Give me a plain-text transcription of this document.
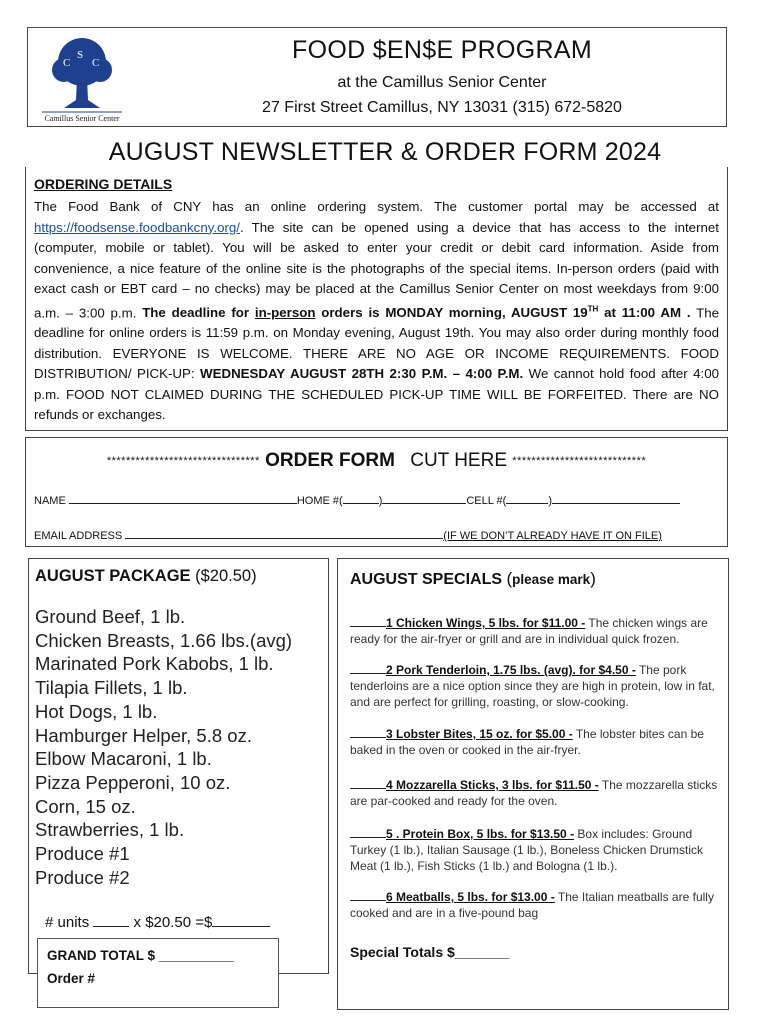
C
S
C
Camillus Senior Center
FOOD $EN$E PROGRAM
at the Camillus Senior Center
27 First Street Camillus, NY 13031 (315) 672-5820
AUGUST NEWSLETTER & ORDER FORM 2024
ORDERING DETAILS
The Food Bank of CNY has an online ordering system. The customer portal may be accessed at https://foodsense.foodbankcny.org/. The site can be opened using a device that has access to the internet (computer, mobile or tablet). You will be asked to enter your credit or debit card information. Aside from convenience, a nice feature of the online site is the photographs of the special items. In-person orders (paid with exact cash or EBT card – no checks) may be placed at the Camillus Senior Center on most weekdays from 9:00 a.m. – 3:00 p.m. The deadline for in-person orders is MONDAY morning, AUGUST 19TH at 11:00 AM . The deadline for online orders is 11:59 p.m. on Monday evening, August 19th. You may also order during monthly food distribution. EVERYONE IS WELCOME. THERE ARE NO AGE OR INCOME REQUIREMENTS. FOOD DISTRIBUTION/ PICK-UP: WEDNESDAY AUGUST 28TH 2:30 P.M. – 4:00 P.M. We cannot hold food after 4:00 p.m. FOOD NOT CLAIMED DURING THE SCHEDULED PICK-UP TIME WILL BE FORFEITED. There are NO refunds or exchanges.
******************************** ORDER FORM CUT HERE ****************************
NAME	HOME #(	)	CELL #(	)
EMAIL ADDRESS	(IF WE DON’T ALREADY HAVE IT ON FILE)
AUGUST PACKAGE ($20.50)
Ground Beef, 1 lb.
Chicken Breasts, 1.66 lbs.(avg)
Marinated Pork Kabobs, 1 lb.
Tilapia Fillets, 1 lb.
Hot Dogs, 1 lb.
Hamburger Helper, 5.8 oz.
Elbow Macaroni, 1 lb.
Pizza Pepperoni, 10 oz.
Corn, 15 oz.
Strawberries, 1 lb.
Produce #1
Produce #2
# units	x $20.50 =$
GRAND TOTAL $ __________
Order #
AUGUST SPECIALS (please mark)
1 Chicken Wings, 5 lbs. for $11.00 - The chicken wings are ready for the air-fryer or grill and are in individual quick frozen.
2 Pork Tenderloin, 1.75 lbs. (avg). for $4.50 - The pork tenderloins are a nice option since they are high in protein, low in fat, and are perfect for grilling, roasting, or slow-cooking.
3 Lobster Bites, 15 oz. for $5.00 - The lobster bites can be baked in the oven or cooked in the air-fryer.
4 Mozzarella Sticks, 3 lbs. for $11.50 - The mozzarella sticks are par-cooked and ready for the oven.
5 . Protein Box, 5 lbs. for $13.50 - Box includes: Ground Turkey (1 lb.), Italian Sausage (1 lb.), Boneless Chicken Drumstick Meat (1 lb.), Fish Sticks (1 lb.) and Bologna (1 lb.).
6 Meatballs, 5 lbs. for $13.00 - The Italian meatballs are fully cooked and are in a five-pound bag
Special Totals $_______
